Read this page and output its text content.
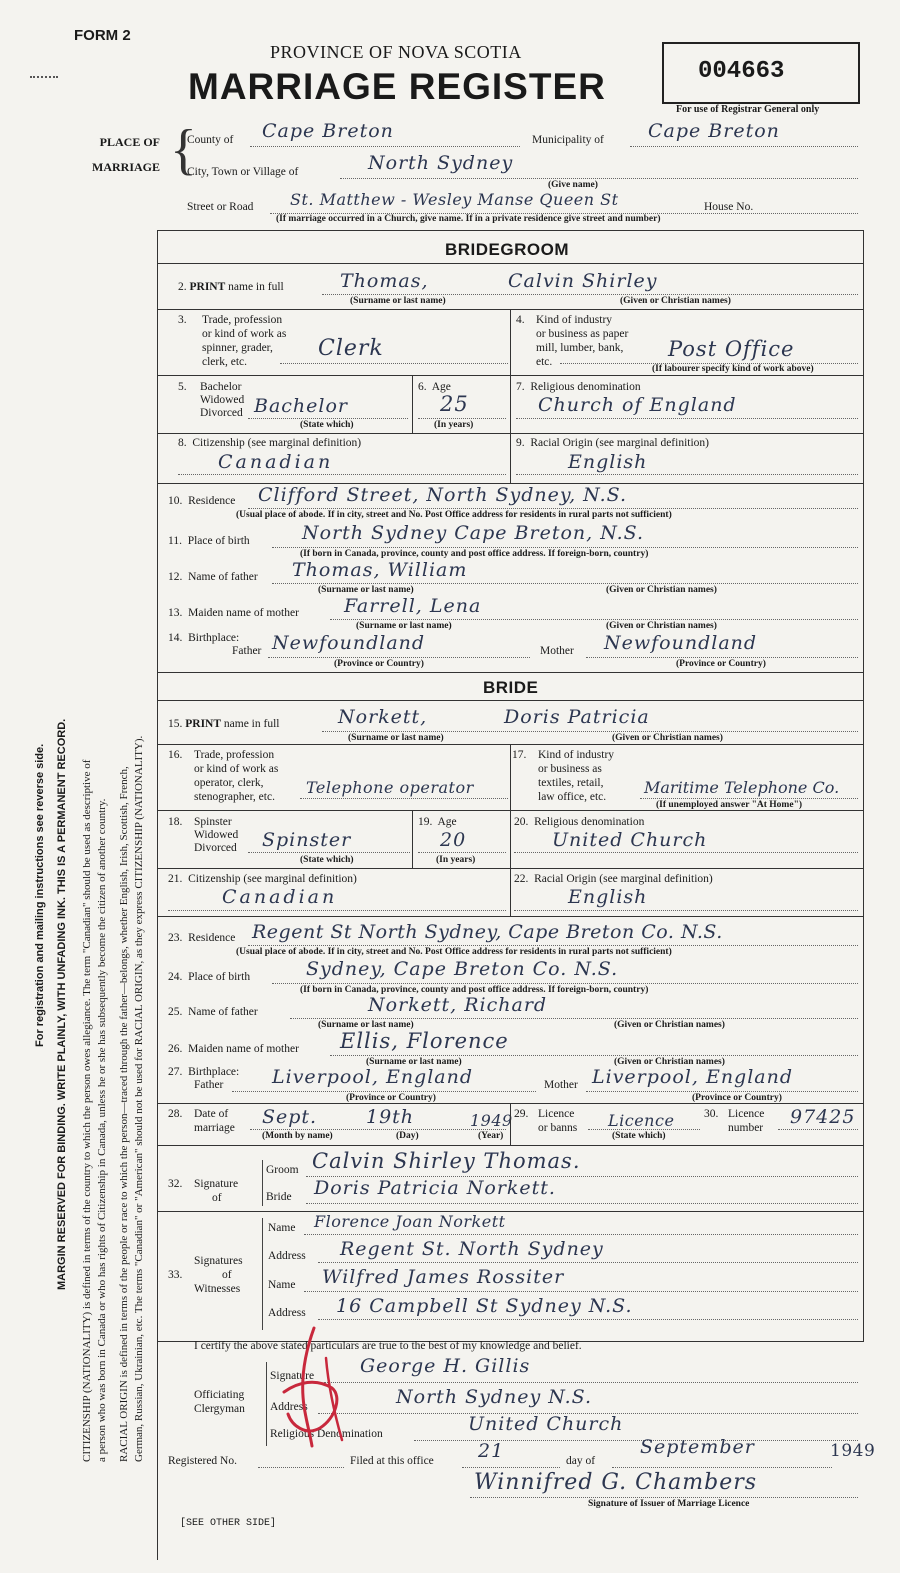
For registration and mailing instructions see reverse side. MARGIN RESERVED FOR BINDING. WRITE PLAINLY, WITH UNFADING INK. THIS IS A PERMANENT RECORD. CITIZENSHIP (NATIONALITY) is defined in terms of the country to which the person owes allegiance. The term "Canadian" should be used as descriptive of a person who was born in Canada or who has rights of Citizenship in Canada, unless he or she has subsequently become the citizen of another country. RACIAL ORIGIN is defined in terms of the people or race to which the person—traced through the father—belongs, whether English, Irish, Scottish, French, German, Russian, Ukrainian, etc. The terms "Canadian" or "American" should not be used for RACIAL ORIGIN, as they express CITIZENSHIP (NATIONALITY).
FORM 2
PROVINCE OF NOVA SCOTIA
MARRIAGE REGISTER	004663
For use of Registrar General only
PLACE OF
MARRIAGE {
County of Cape Breton	Municipality of Cape Breton
City, Town or Village of	North Sydney
(Give name)
Street or Road St. Matthew - Wesley Manse Queen St	House No.
(If marriage occurred in a Church, give name. If in a private residence give street and number)
BRIDEGROOM
2. PRINT name in full	Thomas,	Calvin Shirley
(Surname or last name)	(Given or Christian names)
3.	Trade, profession
or kind of work as
spinner, grader,
clerk, etc.
Clerk
4. Kind of industry
or business as paper
mill, lumber, bank,
etc.
Post Office
(If labourer specify kind of work above)
5.	Bachelor
Widowed
Divorced Bachelor
(State which)
6. Age
25
(In years)
7. Religious denomination
Church of England
8. Citizenship (see marginal definition)
Canadian
9. Racial Origin (see marginal definition)
English
10. Residence Clifford Street, North Sydney, N.S.
(Usual place of abode. If in city, street and No. Post Office address for residents in rural parts not sufficient)
11. Place of birth	North Sydney Cape Breton, N.S.
(If born in Canada, province, county and post office address. If foreign-born, country)
12. Name of father Thomas, William
(Surname or last name)	(Given or Christian names)
13. Maiden name of mother Farrell, Lena
(Surname or last name)	(Given or Christian names)
14. Birthplace:
Father Newfoundland	Mother Newfoundland
(Province or Country)	(Province or Country)
BRIDE
15. PRINT name in full	Norkett,	Doris Patricia
(Surname or last name)	(Given or Christian names)
16.	Trade, profession
or kind of work as
operator, clerk,
stenographer, etc. Telephone operator
17.	Kind of industry
or business as
textiles, retail,
law office, etc.	Maritime Telephone Co.
(If unemployed answer "At Home")
18.	Spinster
Widowed
Divorced Spinster
(State which)
19. Age
20
(In years)
20. Religious denomination
United Church
21. Citizenship (see marginal definition)
Canadian
22. Racial Origin (see marginal definition)
English
23. Residence Regent St North Sydney, Cape Breton Co. N.S.
(Usual place of abode. If in city, street and No. Post Office address for residents in rural parts not sufficient)
24. Place of birth	Sydney, Cape Breton Co. N.S.
(If born in Canada, province, county and post office address. If foreign-born, country)
25. Name of father	Norkett, Richard
(Surname or last name)	(Given or Christian names)
26. Maiden name of mother Ellis, Florence
(Surname or last name)	(Given or Christian names)
27. Birthplace:
Father	Liverpool, England	Mother Liverpool, England
(Province or Country)	(Province or Country)
28.	Date of
marriage Sept.	19th	1949
(Month by name)	(Day)	(Year)
29. Licence
or banns Licence
(State which)
30. Licence
number 97425
32.	Signature
of
Groom Calvin Shirley Thomas.
Bride Doris Patricia Norkett.
Signatures
33.	of
Witnesses
Name Florence Joan Norkett
Address Regent St. North Sydney
Name Wilfred James Rossiter
Address 16 Campbell St Sydney N.S.
I certify the above stated particulars are true to the best of my knowledge and belief.
Officiating
Clergyman
Signature George H. Gillis
Address	North Sydney N.S.
Religious Denomination	United Church
Registered No.	Filed at this office 21	day of
September	1949
Winnifred G. Chambers
Signature of Issuer of Marriage Licence
[SEE OTHER SIDE]
